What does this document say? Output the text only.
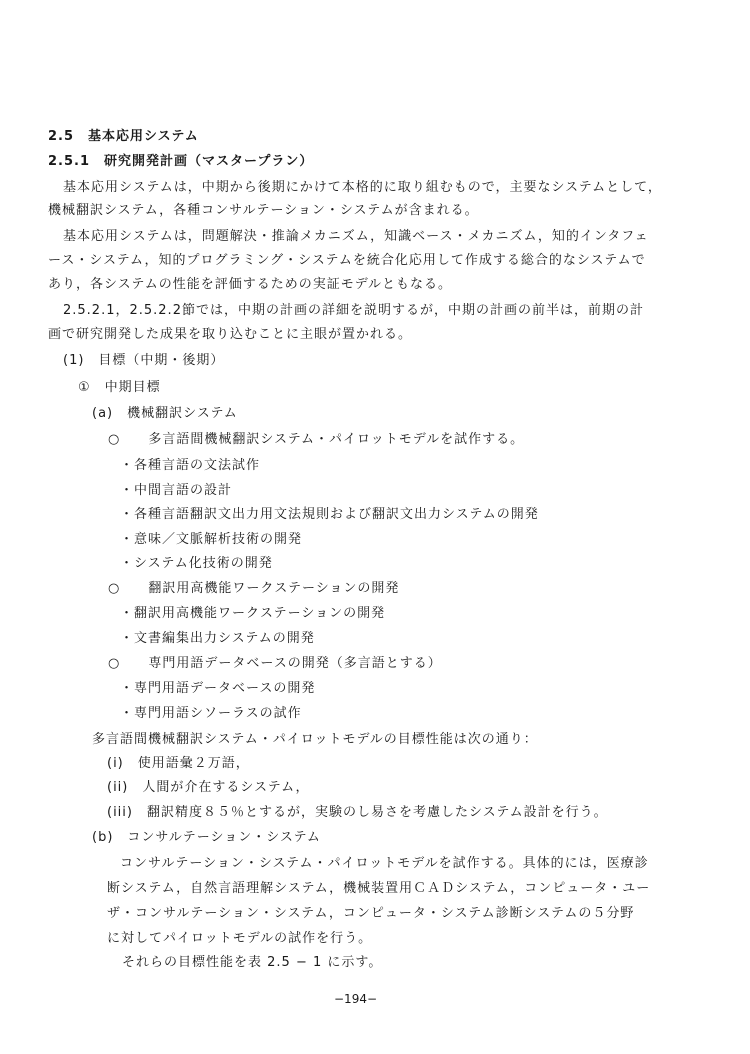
2.5　基本応用システム
2.5.1　研究開発計画（マスタープラン）
基本応用システムは，中期から後期にかけて本格的に取り組むもので，主要なシステムとして，
機械翻訳システム，各種コンサルテーション・システムが含まれる。
基本応用システムは，問題解決・推論メカニズム，知識ベース・メカニズム，知的インタフェ
ース・システム，知的プログラミング・システムを統合化応用して作成する総合的なシステムで
あり，各システムの性能を評価するための実証モデルともなる。
2.5.2.1，2.5.2.2節では，中期の計画の詳細を説明するが，中期の計画の前半は，前期の計
画で研究開発した成果を取り込むことに主眼が置かれる。
(1)　目標（中期・後期）
①　中期目標
(a)　機械翻訳システム
○　　多言語間機械翻訳システム・パイロットモデルを試作する。
・各種言語の文法試作
・中間言語の設計
・各種言語翻訳文出力用文法規則および翻訳文出力システムの開発
・意味／文脈解析技術の開発
・システム化技術の開発
○　　翻訳用高機能ワークステーションの開発
・翻訳用高機能ワークステーションの開発
・文書編集出力システムの開発
○　　専門用語データベースの開発（多言語とする）
・専門用語データベースの開発
・専門用語シソーラスの試作
多言語間機械翻訳システム・パイロットモデルの目標性能は次の通り：
(i)　使用語彙２万語，
(ii)　人間が介在するシステム，
(iii)　翻訳精度８５％とするが，実験のし易さを考慮したシステム設計を行う。
(b)　コンサルテーション・システム
コンサルテーション・システム・パイロットモデルを試作する。具体的には，医療診
断システム，自然言語理解システム，機械装置用ＣＡＤシステム，コンピュータ・ユー
ザ・コンサルテーション・システム，コンピュータ・システム診断システムの５分野
に対してパイロットモデルの試作を行う。
それらの目標性能を表 2.5 − 1 に示す。
−194−
